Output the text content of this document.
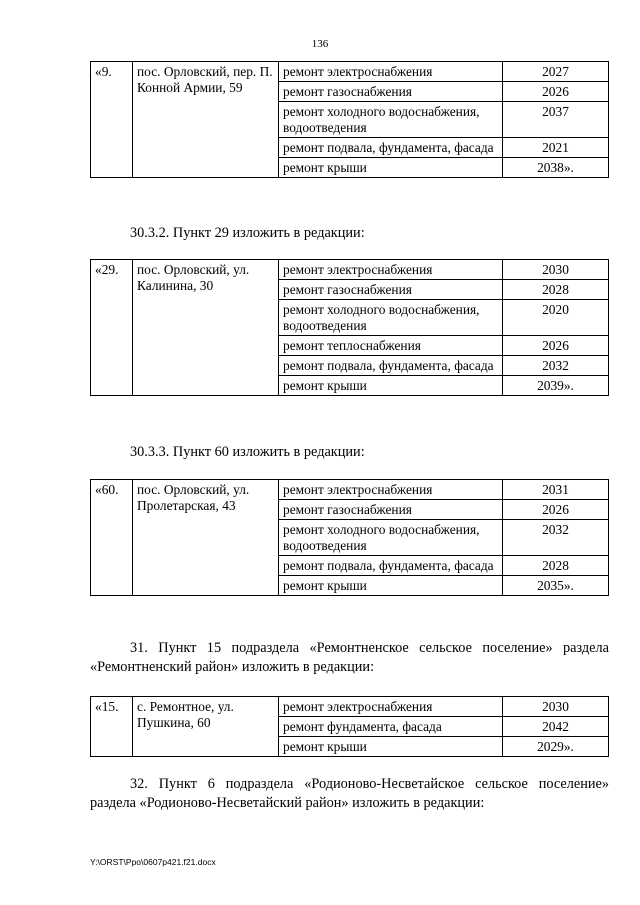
136
«9.	пос. Орловский, пер. П. Конной Армии, 59	ремонт электроснабжения	2027
		ремонт газоснабжения	2026
		ремонт холодного водоснабжения, водоотведения	2037
		ремонт подвала, фундамента, фасада	2021
		ремонт крыши	2038».
30.3.2. Пункт 29 изложить в редакции:
«29.	пос. Орловский, ул. Калинина, 30	ремонт электроснабжения	2030
		ремонт газоснабжения	2028
		ремонт холодного водоснабжения, водоотведения	2020
		ремонт теплоснабжения	2026
		ремонт подвала, фундамента, фасада	2032
		ремонт крыши	2039».
30.3.3. Пункт 60 изложить в редакции:
«60.	пос. Орловский, ул. Пролетарская, 43	ремонт электроснабжения	2031
		ремонт газоснабжения	2026
		ремонт холодного водоснабжения, водоотведения	2032
		ремонт подвала, фундамента, фасада	2028
		ремонт крыши	2035».
31. Пункт 15 подраздела «Ремонтненское сельское поселение» раздела «Ремонтненский район» изложить в редакции:
«15.	с. Ремонтное, ул. Пушкина, 60	ремонт электроснабжения	2030
		ремонт фундамента, фасада	2042
		ремонт крыши	2029».
32. Пункт 6 подраздела «Родионово-Несветайское сельское поселение» раздела «Родионово-Несветайский район» изложить в редакции:
Y:\ORST\Ppo\0607p421.f21.docx
